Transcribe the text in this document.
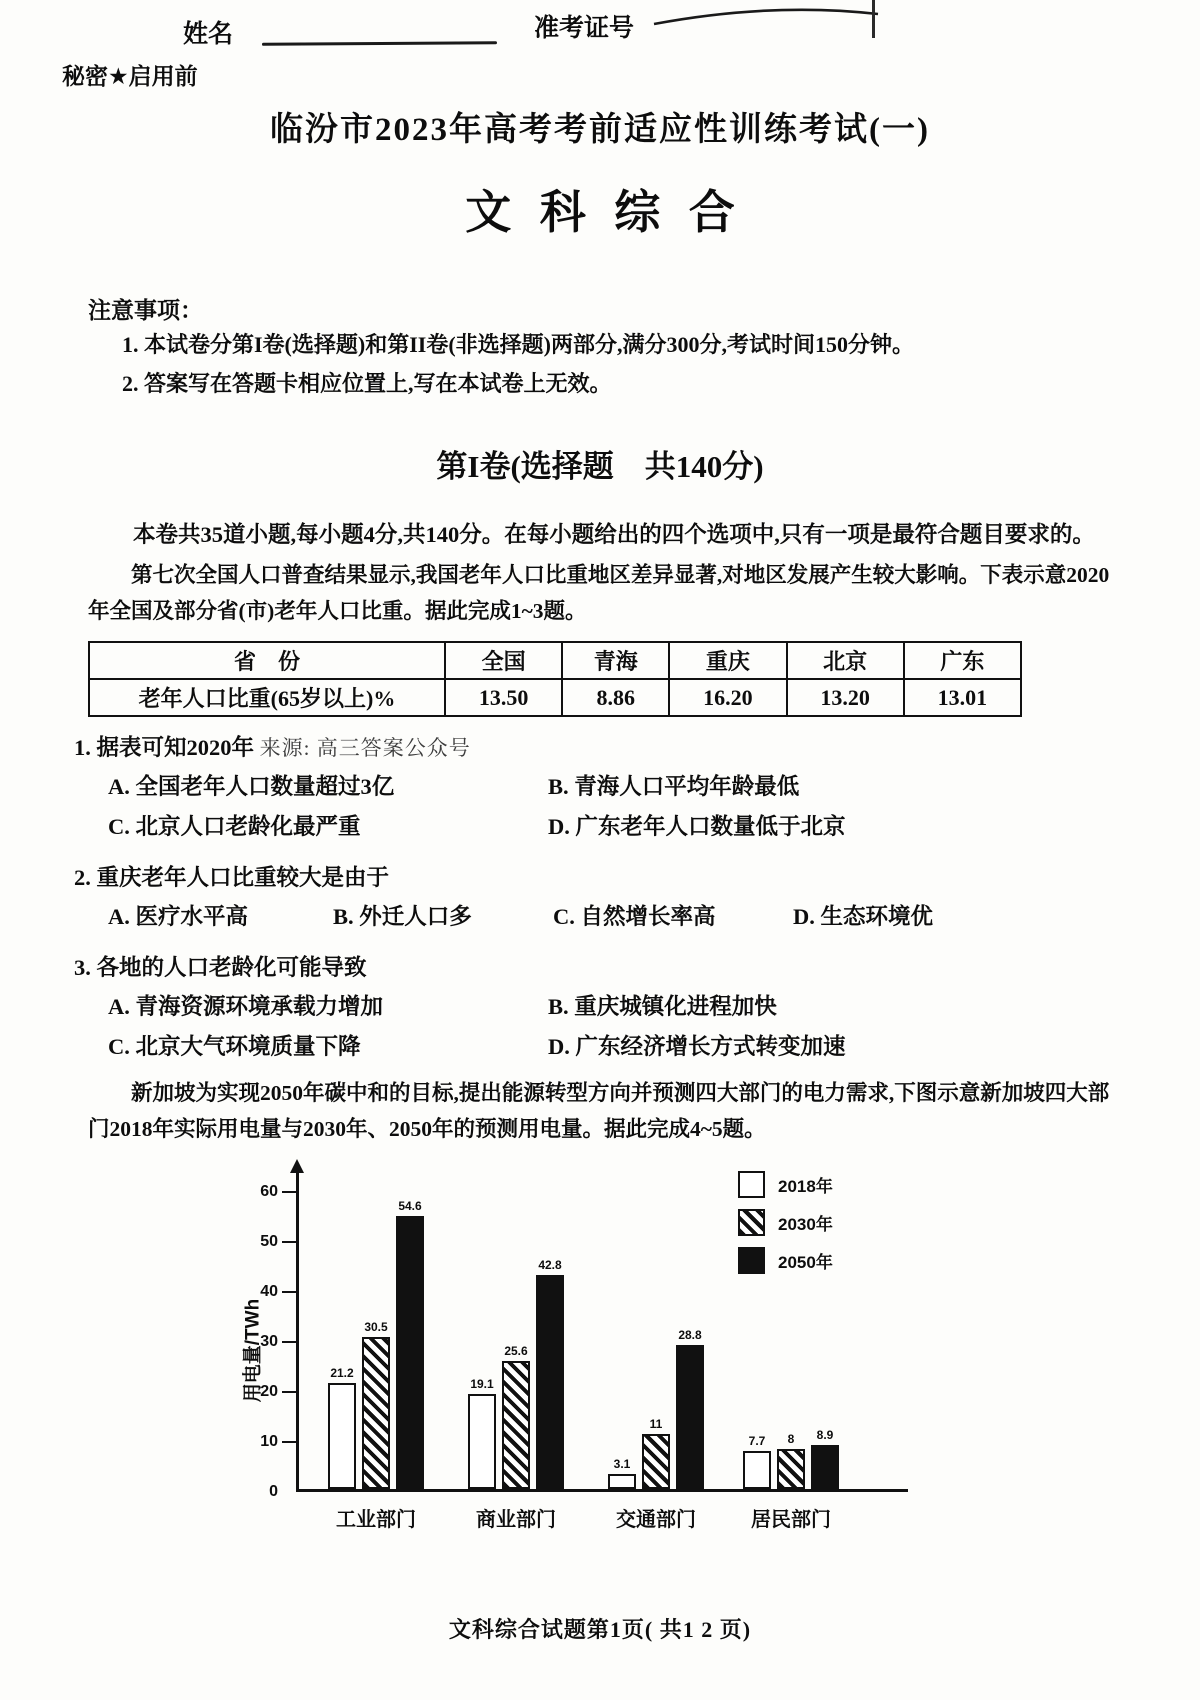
姓名	准考证号
秘密★启用前
临汾市2023年高考考前适应性训练考试(一)
文科综合
注意事项：
1. 本试卷分第I卷(选择题)和第II卷(非选择题)两部分,满分300分,考试时间150分钟。
2. 答案写在答题卡相应位置上,写在本试卷上无效。
第I卷(选择题　共140分)
本卷共35道小题,每小题4分,共140分。在每小题给出的四个选项中,只有一项是最符合题目要求的。
第七次全国人口普查结果显示,我国老年人口比重地区差异显著,对地区发展产生较大影响。下表示意2020年全国及部分省(市)老年人口比重。据此完成1~3题。
省　份	全国	青海	重庆	北京	广东
老年人口比重(65岁以上)%	13.50	8.86	16.20	13.20	13.01
1. 据表可知2020年 来源: 高三答案公众号
A. 全国老年人口数量超过3亿	B. 青海人口平均年龄最低
C. 北京人口老龄化最严重	D. 广东老年人口数量低于北京
2. 重庆老年人口比重较大是由于
A. 医疗水平高	B. 外迁人口多	C. 自然增长率高	D. 生态环境优
3. 各地的人口老龄化可能导致
A. 青海资源环境承载力增加	B. 重庆城镇化进程加快
C. 北京大气环境质量下降	D. 广东经济增长方式转变加速
新加坡为实现2050年碳中和的目标,提出能源转型方向并预测四大部门的电力需求,下图示意新加坡四大部门2018年实际用电量与2030年、2050年的预测用电量。据此完成4~5题。
用电量/TWh
2018年
2030年
2050年
0
10
20
30
40
50
60
21.2
30.5
54.6
工业部门
19.1
25.6
42.8
商业部门
3.1
11
28.8
交通部门
7.7	8	8.9
居民部门
文科综合试题第1页( 共1 2 页)
